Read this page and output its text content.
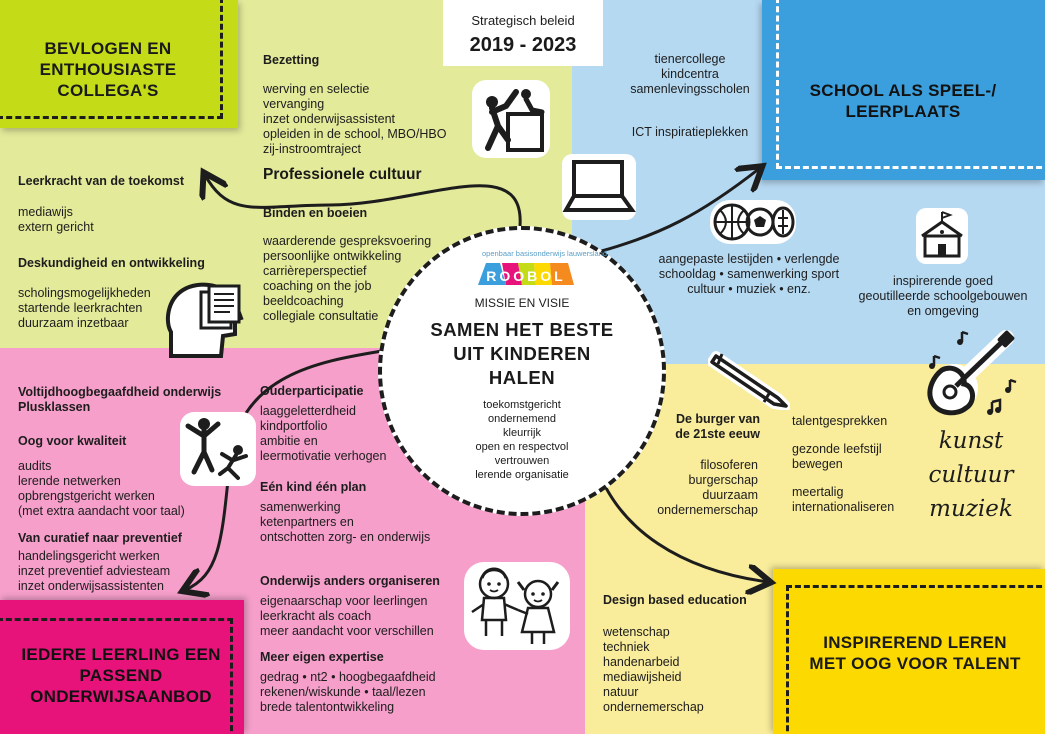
Strategisch beleid
2019 - 2023
BEVLOGEN EN ENTHOUSIASTE COLLEGA'S	SCHOOL ALS SPEEL-/ LEERPLAATS
IEDERE LEERLING EEN PASSEND ONDERWIJSAANBOD
INSPIREREND LEREN MET OOG VOOR TALENT
openbaar basisonderwijs lauwersland
ROOBOL
MISSIE EN VISIE
SAMEN HET BESTE UIT KINDEREN HALEN
toekomstgericht
ondernemend
kleurrijk
open en respectvol
vertrouwen
lerende organisatie
Bezetting
werving en selectie
vervanging
inzet onderwijsassistent
opleiden in de school, MBO/HBO
zij-instroomtraject
Professionele cultuur
Binden en boeien
waarderende gespreksvoering
persoonlijke ontwikkeling
carrièreperspectief
coaching on the job
beeldcoaching
collegiale consultatie
Leerkracht van de toekomst
mediawijs
extern gericht
Deskundigheid en ontwikkeling
scholingsmogelijkheden
startende leerkrachten
duurzaam inzetbaar
tienercollege
kindcentra
samenlevingsscholen
ICT inspiratieplekken
aangepaste lestijden • verlengde
schooldag • samenwerking sport
cultuur • muziek • enz.
inspirerende goed
geoutilleerde schoolgebouwen
en omgeving
Voltijdhoogbegaafdheid onderwijs
Plusklassen
Oog voor kwaliteit
audits
lerende netwerken
opbrengstgericht werken
(met extra aandacht voor taal)
Van curatief naar preventief
handelingsgericht werken
inzet preventief adviesteam
inzet onderwijsassistenten
Ouderparticipatie
laaggeletterdheid
kindportfolio
ambitie en
leermotivatie verhogen
Eén kind één plan
samenwerking
ketenpartners en
ontschotten zorg- en onderwijs
Onderwijs anders organiseren
eigenaarschap voor leerlingen
leerkracht als coach
meer aandacht voor verschillen
Meer eigen expertise
gedrag • nt2 • hoogbegaafdheid
rekenen/wiskunde • taal/lezen
brede talentontwikkeling
De burger van
de 21ste eeuw
filosoferen
burgerschap
duurzaam
ondernemerschap
talentgesprekken
gezonde leefstijl
bewegen
meertalig
internationaliseren
kunst
cultuur
muziek
Design based education
wetenschap
techniek
handenarbeid
mediawijsheid
natuur
ondernemerschap
